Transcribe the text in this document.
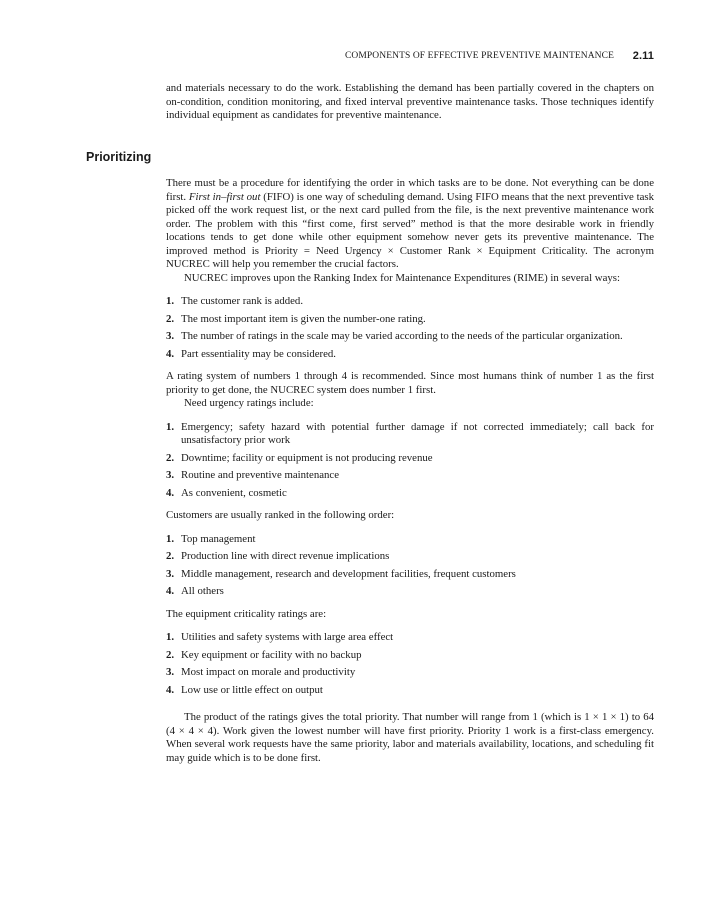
COMPONENTS OF EFFECTIVE PREVENTIVE MAINTENANCE 2.11

and materials necessary to do the work. Establishing the demand has been partially covered in the chapters on on-condition, condition monitoring, and fixed interval preventive maintenance tasks. Those techniques identify individual equipment as candidates for preventive maintenance.

Prioritizing

There must be a procedure for identifying the order in which tasks are to be done. Not everything can be done first. First in–first out (FIFO) is one way of scheduling demand. Using FIFO means that the next preventive task picked off the work request list, or the next card pulled from the file, is the next preventive maintenance work order. The problem with this “first come, first served” method is that the more desirable work in friendly locations tends to get done while other equipment somehow never gets its preventive maintenance. The improved method is Priority = Need Urgency × Customer Rank × Equipment Criticality. The acronym NUCREC will help you remember the crucial factors.

NUCREC improves upon the Ranking Index for Maintenance Expenditures (RIME) in several ways:

1. The customer rank is added.
2. The most important item is given the number-one rating.
3. The number of ratings in the scale may be varied according to the needs of the particular organization.
4. Part essentiality may be considered.

A rating system of numbers 1 through 4 is recommended. Since most humans think of number 1 as the first priority to get done, the NUCREC system does number 1 first.

Need urgency ratings include:

1. Emergency; safety hazard with potential further damage if not corrected immediately; call back for unsatisfactory prior work
2. Downtime; facility or equipment is not producing revenue
3. Routine and preventive maintenance
4. As convenient, cosmetic

Customers are usually ranked in the following order:

1. Top management
2. Production line with direct revenue implications
3. Middle management, research and development facilities, frequent customers
4. All others

The equipment criticality ratings are:

1. Utilities and safety systems with large area effect
2. Key equipment or facility with no backup
3. Most impact on morale and productivity
4. Low use or little effect on output

The product of the ratings gives the total priority. That number will range from 1 (which is 1 × 1 × 1) to 64 (4 × 4 × 4). Work given the lowest number will have first priority. Priority 1 work is a first-class emergency. When several work requests have the same priority, labor and materials availability, locations, and scheduling fit may guide which is to be done first.
